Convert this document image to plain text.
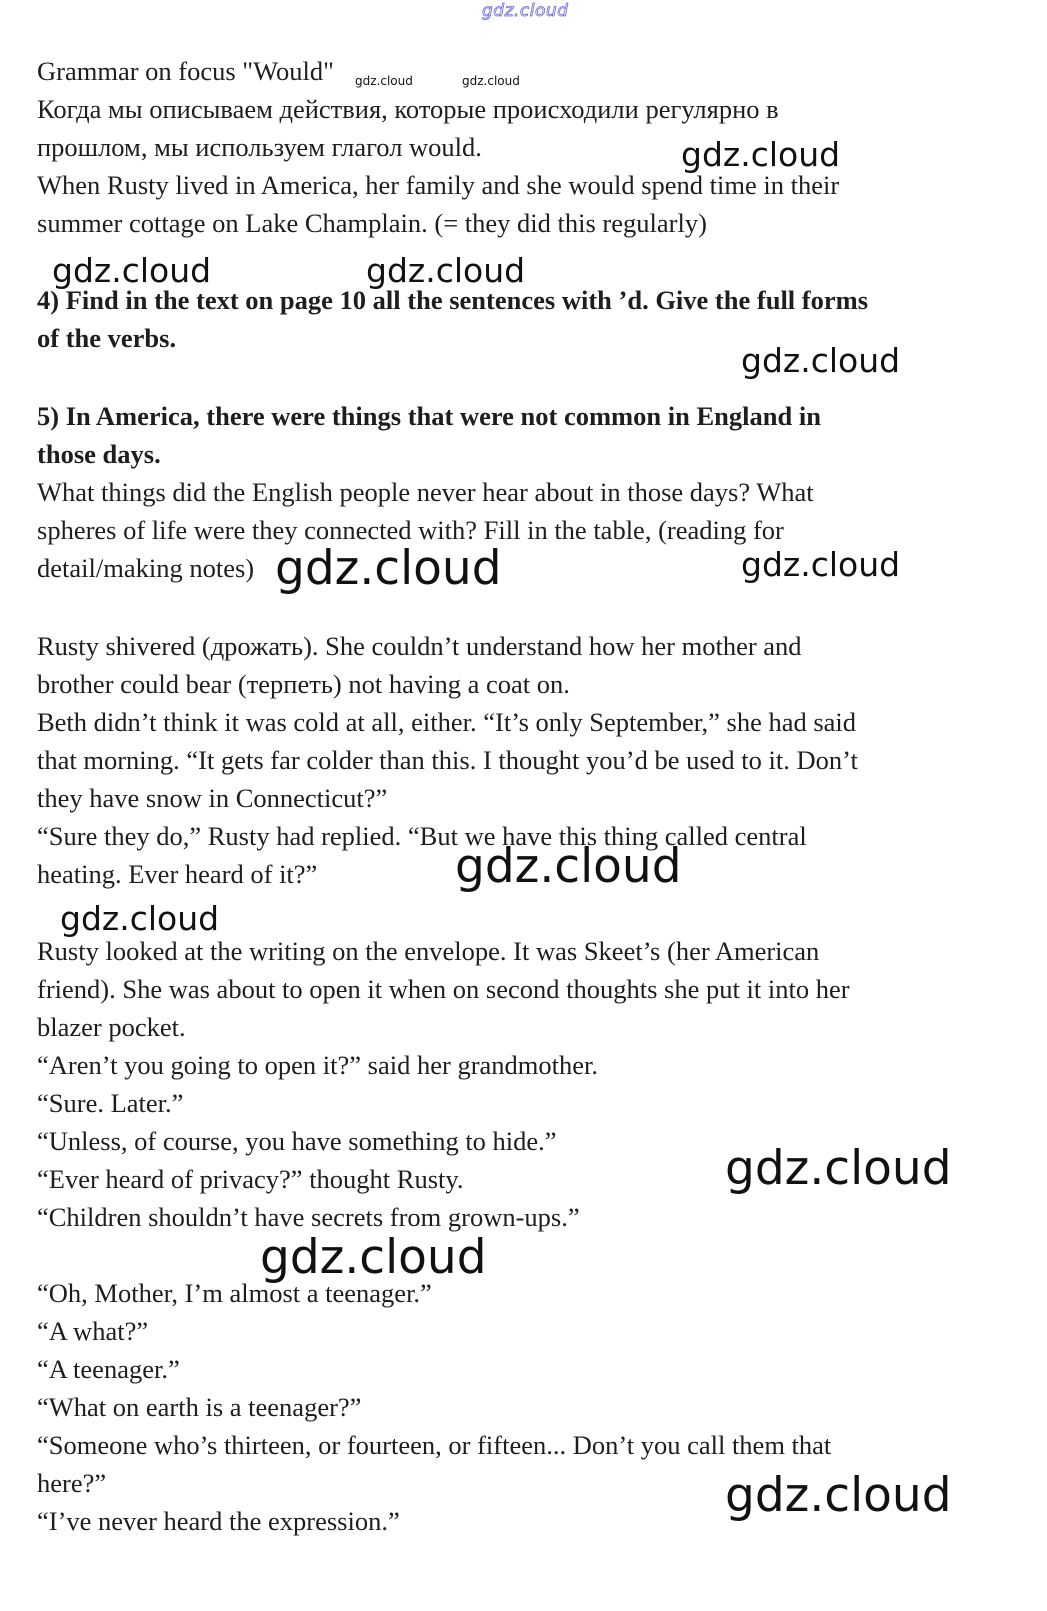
gdz.cloud
gdz.cloud	gdz.cloud
gdz.cloud
gdz.cloud	gdz.cloud
gdz.cloud
gdz.cloud
gdz.cloud
gdz.cloud
gdz.cloud
gdz.cloud
gdz.cloud
gdz.cloud
Grammar on focus "Would"
Когда мы описываем действия, которые происходили регулярно в
прошлом, мы используем глагол would.
When Rusty lived in America, her family and she would spend time in their
summer cottage on Lake Champlain. (= they did this regularly)
4) Find in the text on page 10 all the sentences with ’d. Give the full forms
of the verbs.
5) In America, there were things that were not common in England in
those days.
What things did the English people never hear about in those days? What
spheres of life were they connected with? Fill in the table, (reading for
detail/making notes)
Rusty shivered (дрожать). She couldn’t understand how her mother and
brother could bear (терпеть) not having a coat on.
Beth didn’t think it was cold at all, either. “It’s only September,” she had said
that morning. “It gets far colder than this. I thought you’d be used to it. Don’t
they have snow in Connecticut?”
“Sure they do,” Rusty had replied. “But we have this thing called central
heating. Ever heard of it?”
Rusty looked at the writing on the envelope. It was Skeet’s (her American
friend). She was about to open it when on second thoughts she put it into her
blazer pocket.
“Aren’t you going to open it?” said her grandmother.
“Sure. Later.”
“Unless, of course, you have something to hide.”
“Ever heard of privacy?” thought Rusty.
“Children shouldn’t have secrets from grown-ups.”
“Oh, Mother, I’m almost a teenager.”
“A what?”
“A teenager.”
“What on earth is a teenager?”
“Someone who’s thirteen, or fourteen, or fifteen... Don’t you call them that
here?”
“I’ve never heard the expression.”
